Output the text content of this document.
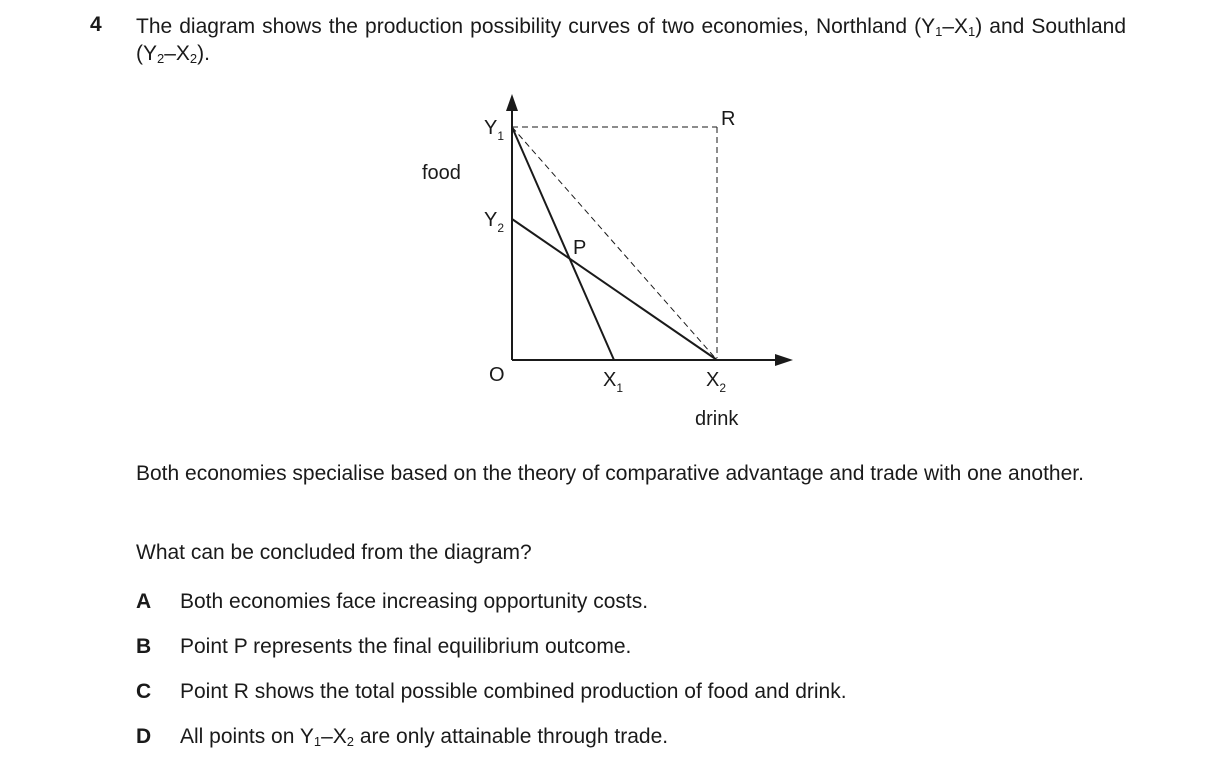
4 The diagram shows the production possibility curves of two economies, Northland $(Y_1-X_1)$ and Southland $(Y_2-X_2)$.
food
drink
O
$Y_1$
$Y_2$
$X_1$	$X_2$
P
R
Both economies specialise based on the theory of comparative advantage and trade with one another.
What can be concluded from the diagram?
A	Both economies face increasing opportunity costs.
B	Point P represents the final equilibrium outcome.
C	Point R shows the total possible combined production of food and drink.
D	All points on $Y_1-X_2$ are only attainable through trade.
